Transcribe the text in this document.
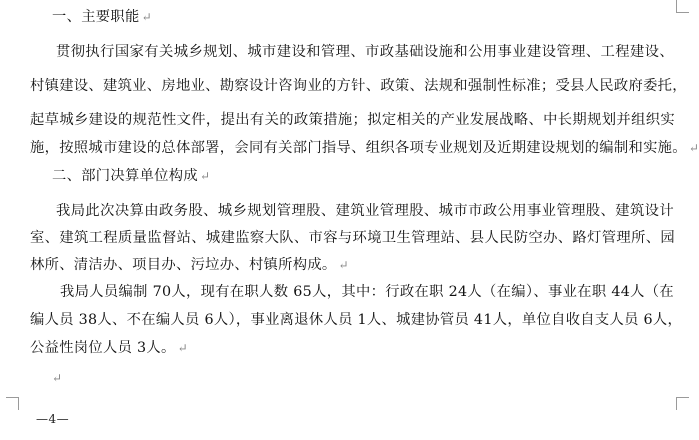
一、主要职能 ↵
贯彻执行国家有关城乡规划、城市建设和管理、市政基础设施和公用事业建设管理、工程建设、
村镇建设、建筑业、房地业、勘察设计咨询业的方针、政策、法规和强制性标准；受县人民政府委托，
起草城乡建设的规范性文件，提出有关的政策措施；拟定相关的产业发展战略、中长期规划并组织实
施，按照城市建设的总体部署，会同有关部门指导、组织各项专业规划及近期建设规划的编制和实施。 ↵
二、部门决算单位构成 ↵
我局此次决算由政务股、城乡规划管理股、建筑业管理股、城市市政公用事业管理股、建筑设计
室、建筑工程质量监督站、城建监察大队、市容与环境卫生管理站、县人民防空办、路灯管理所、园
林所、清洁办、项目办、污垃办、村镇所构成。 ↵
我局人员编制 70人，现有在职人数 65人，其中：行政在职 24人（在编）、事业在职 44人（在
编人员 38人、不在编人员 6人），事业离退休人员 1人、城建协管员 41人，单位自收自支人员 6人，
公益性岗位人员 3人。 ↵
↵
—4—
